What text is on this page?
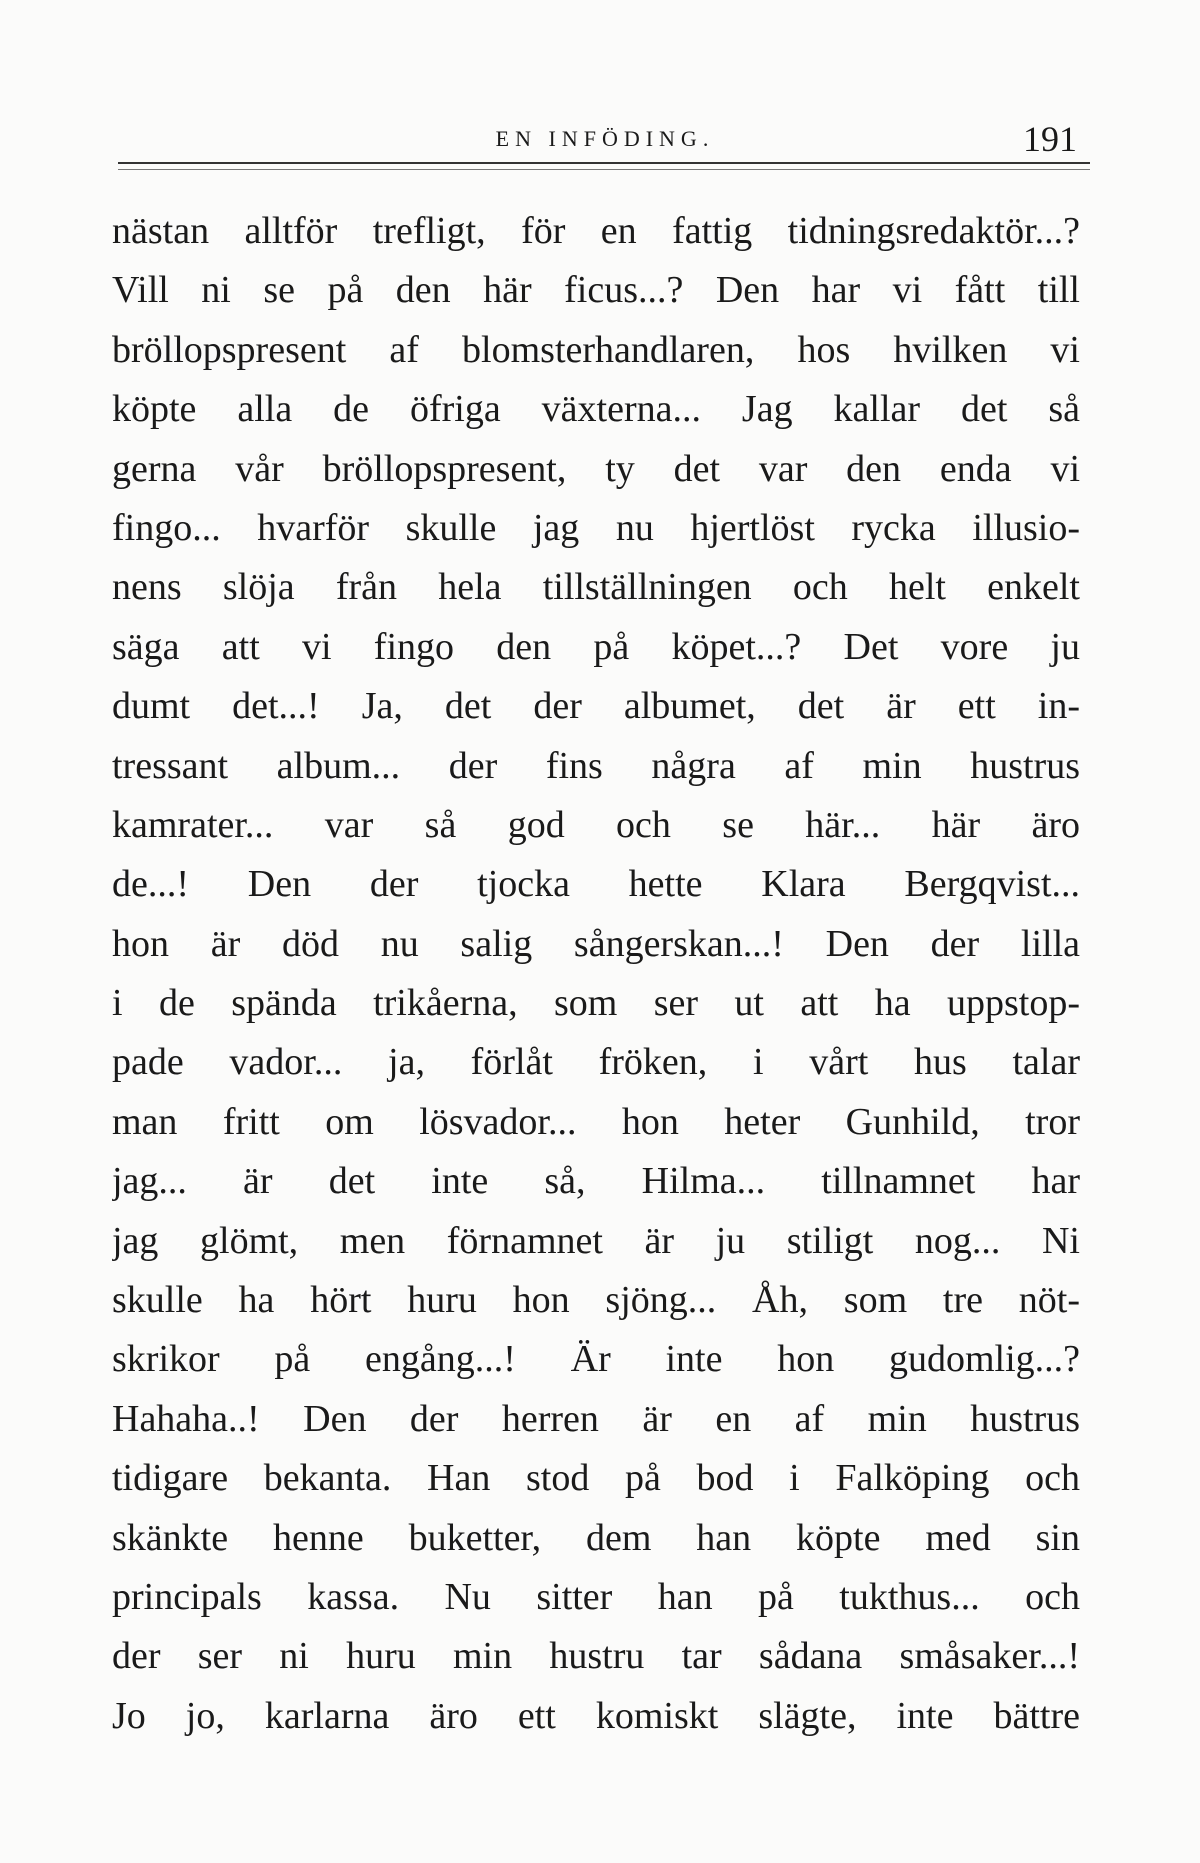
EN INFÖDING.	191
nästan alltför trefligt, för en fattig tidningsredaktör...?
Vill ni se på den här ficus...? Den har vi fått till
bröllopspresent af blomsterhandlaren, hos hvilken vi
köpte alla de öfriga växterna... Jag kallar det så
gerna vår bröllopspresent, ty det var den enda vi
fingo... hvarför skulle jag nu hjertlöst rycka illusio-
nens slöja från hela tillställningen och helt enkelt
säga att vi fingo den på köpet...? Det vore ju
dumt det...! Ja, det der albumet, det är ett in-
tressant album... der fins några af min hustrus
kamrater... var så god och se här... här äro
de...! Den der tjocka hette Klara Bergqvist...
hon är död nu salig sångerskan...! Den der lilla
i de spända trikåerna, som ser ut att ha uppstop-
pade vador... ja, förlåt fröken, i vårt hus talar
man fritt om lösvador... hon heter Gunhild, tror
jag... är det inte så, Hilma... tillnamnet har
jag glömt, men förnamnet är ju stiligt nog... Ni
skulle ha hört huru hon sjöng... Åh, som tre nöt-
skrikor på engång...! Är inte hon gudomlig...?
Hahaha..! Den der herren är en af min hustrus
tidigare bekanta. Han stod på bod i Falköping och
skänkte henne buketter, dem han köpte med sin
principals kassa. Nu sitter han på tukthus... och
der ser ni huru min hustru tar sådana småsaker...!
Jo jo, karlarna äro ett komiskt slägte, inte bättre
